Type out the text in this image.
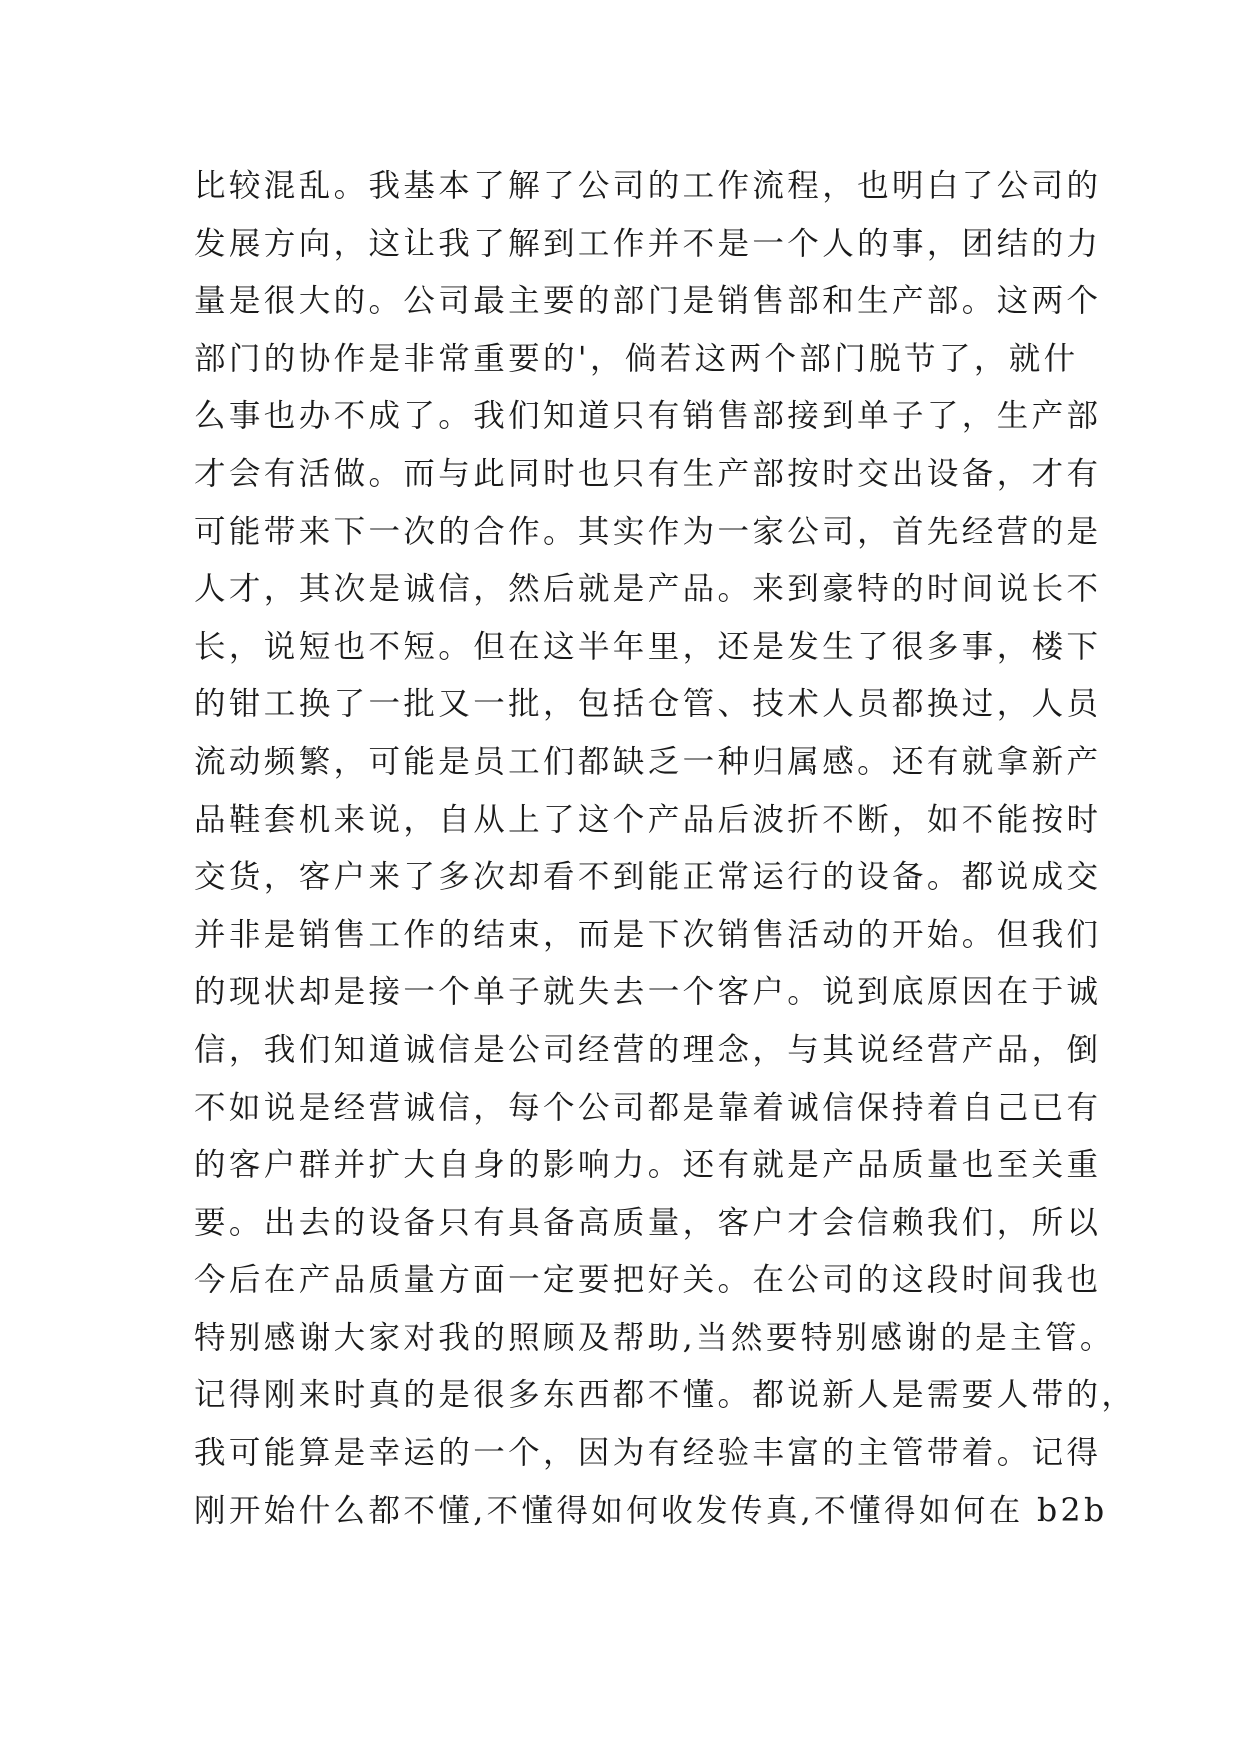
比较混乱。我基本了解了公司的工作流程，也明白了公司的
发展方向，这让我了解到工作并不是一个人的事，团结的力
量是很大的。公司最主要的部门是销售部和生产部。这两个
部门的协作是非常重要的'，倘若这两个部门脱节了，就什
么事也办不成了。我们知道只有销售部接到单子了，生产部
才会有活做。而与此同时也只有生产部按时交出设备，才有
可能带来下一次的合作。其实作为一家公司，首先经营的是
人才，其次是诚信，然后就是产品。来到豪特的时间说长不
长，说短也不短。但在这半年里，还是发生了很多事，楼下
的钳工换了一批又一批，包括仓管、技术人员都换过，人员
流动频繁，可能是员工们都缺乏一种归属感。还有就拿新产
品鞋套机来说，自从上了这个产品后波折不断，如不能按时
交货，客户来了多次却看不到能正常运行的设备。都说成交
并非是销售工作的结束，而是下次销售活动的开始。但我们
的现状却是接一个单子就失去一个客户。说到底原因在于诚
信，我们知道诚信是公司经营的理念，与其说经营产品，倒
不如说是经营诚信，每个公司都是靠着诚信保持着自己已有
的客户群并扩大自身的影响力。还有就是产品质量也至关重
要。出去的设备只有具备高质量，客户才会信赖我们，所以
今后在产品质量方面一定要把好关。在公司的这段时间我也
特别感谢大家对我的照顾及帮助,当然要特别感谢的是主管。
记得刚来时真的是很多东西都不懂。都说新人是需要人带的，
我可能算是幸运的一个，因为有经验丰富的主管带着。记得
刚开始什么都不懂,不懂得如何收发传真,不懂得如何在 b2b
